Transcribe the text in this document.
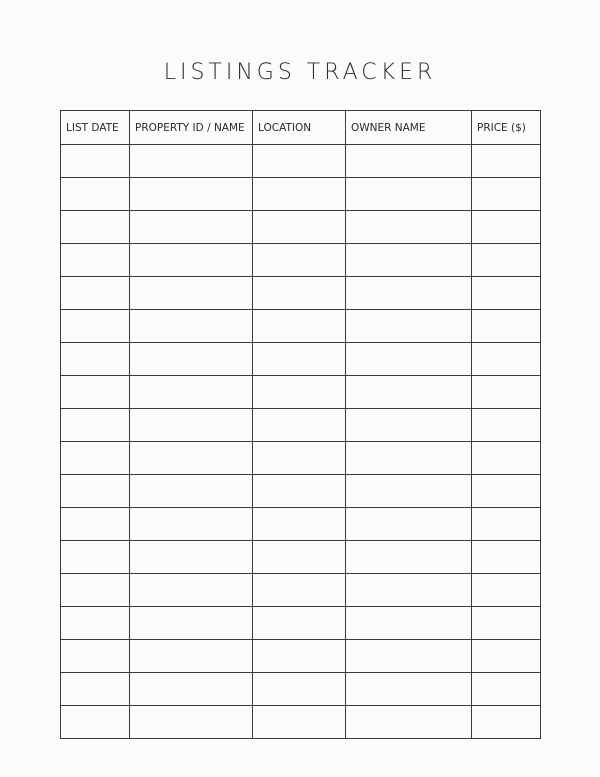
LISTINGS TRACKER
LIST DATE	PROPERTY ID / NAME	LOCATION	OWNER NAME	PRICE ($)
